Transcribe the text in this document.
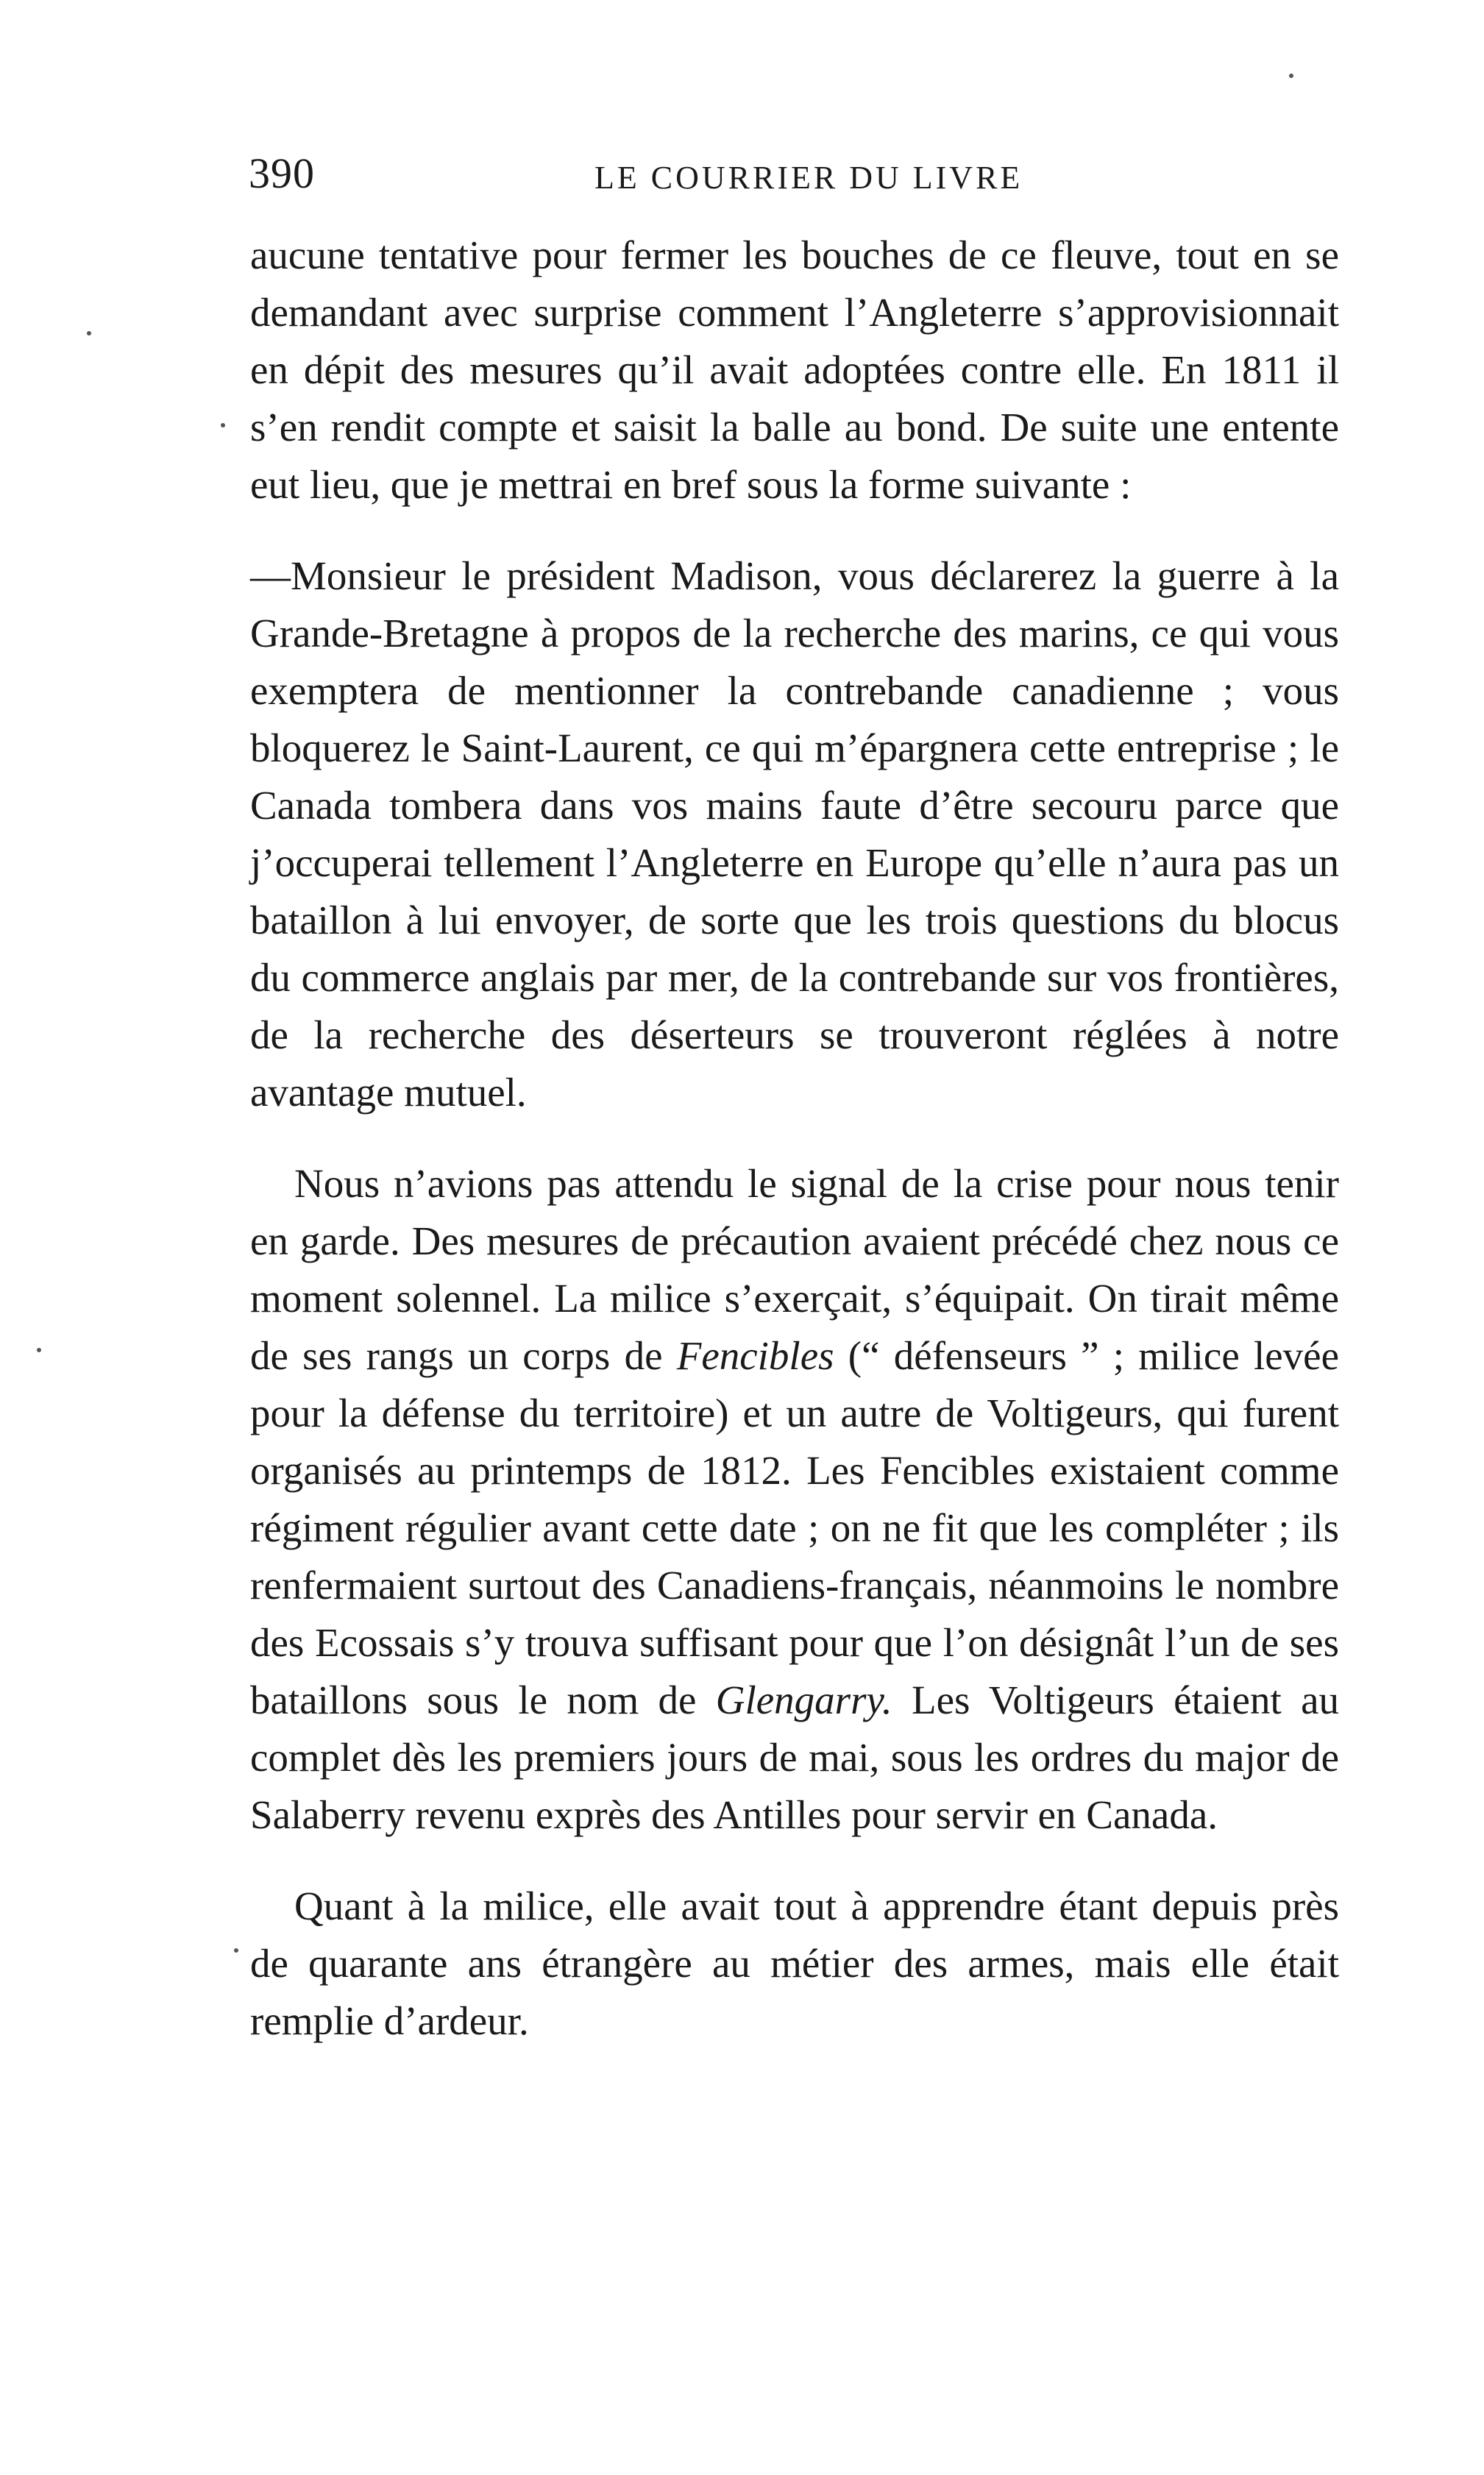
390	LE COURRIER DU LIVRE

aucune tentative pour fermer les bouches de ce fleuve, tout en se demandant avec surprise comment l’Angleterre s’approvisionnait en dépit des mesures qu’il avait adoptées contre elle. En 1811 il s’en rendit compte et saisit la balle au bond. De suite une entente eut lieu, que je mettrai en bref sous la forme suivante :

—Monsieur le président Madison, vous déclarerez la guerre à la Grande-Bretagne à propos de la recherche des marins, ce qui vous exemptera de mentionner la contrebande canadienne ; vous bloquerez le Saint-Laurent, ce qui m’épargnera cette entreprise ; le Canada tombera dans vos mains faute d’être secouru parce que j’occuperai tellement l’Angleterre en Europe qu’elle n’aura pas un bataillon à lui envoyer, de sorte que les trois questions du blocus du commerce anglais par mer, de la contrebande sur vos frontières, de la recherche des déserteurs se trouveront réglées à notre avantage mutuel.

Nous n’avions pas attendu le signal de la crise pour nous tenir en garde. Des mesures de précaution avaient précédé chez nous ce moment solennel. La milice s’exerçait, s’équipait. On tirait même de ses rangs un corps de Fencibles (“ défenseurs ” ; milice levée pour la défense du territoire) et un autre de Voltigeurs, qui furent organisés au printemps de 1812. Les Fencibles existaient comme régiment régulier avant cette date ; on ne fit que les compléter ; ils renfermaient surtout des Canadiens-français, néanmoins le nombre des Ecossais s’y trouva suffisant pour que l’on désignât l’un de ses bataillons sous le nom de Glengarry. Les Voltigeurs étaient au complet dès les premiers jours de mai, sous les ordres du major de Salaberry revenu exprès des Antilles pour servir en Canada.

Quant à la milice, elle avait tout à apprendre étant depuis près de quarante ans étrangère au métier des armes, mais elle était remplie d’ardeur.
